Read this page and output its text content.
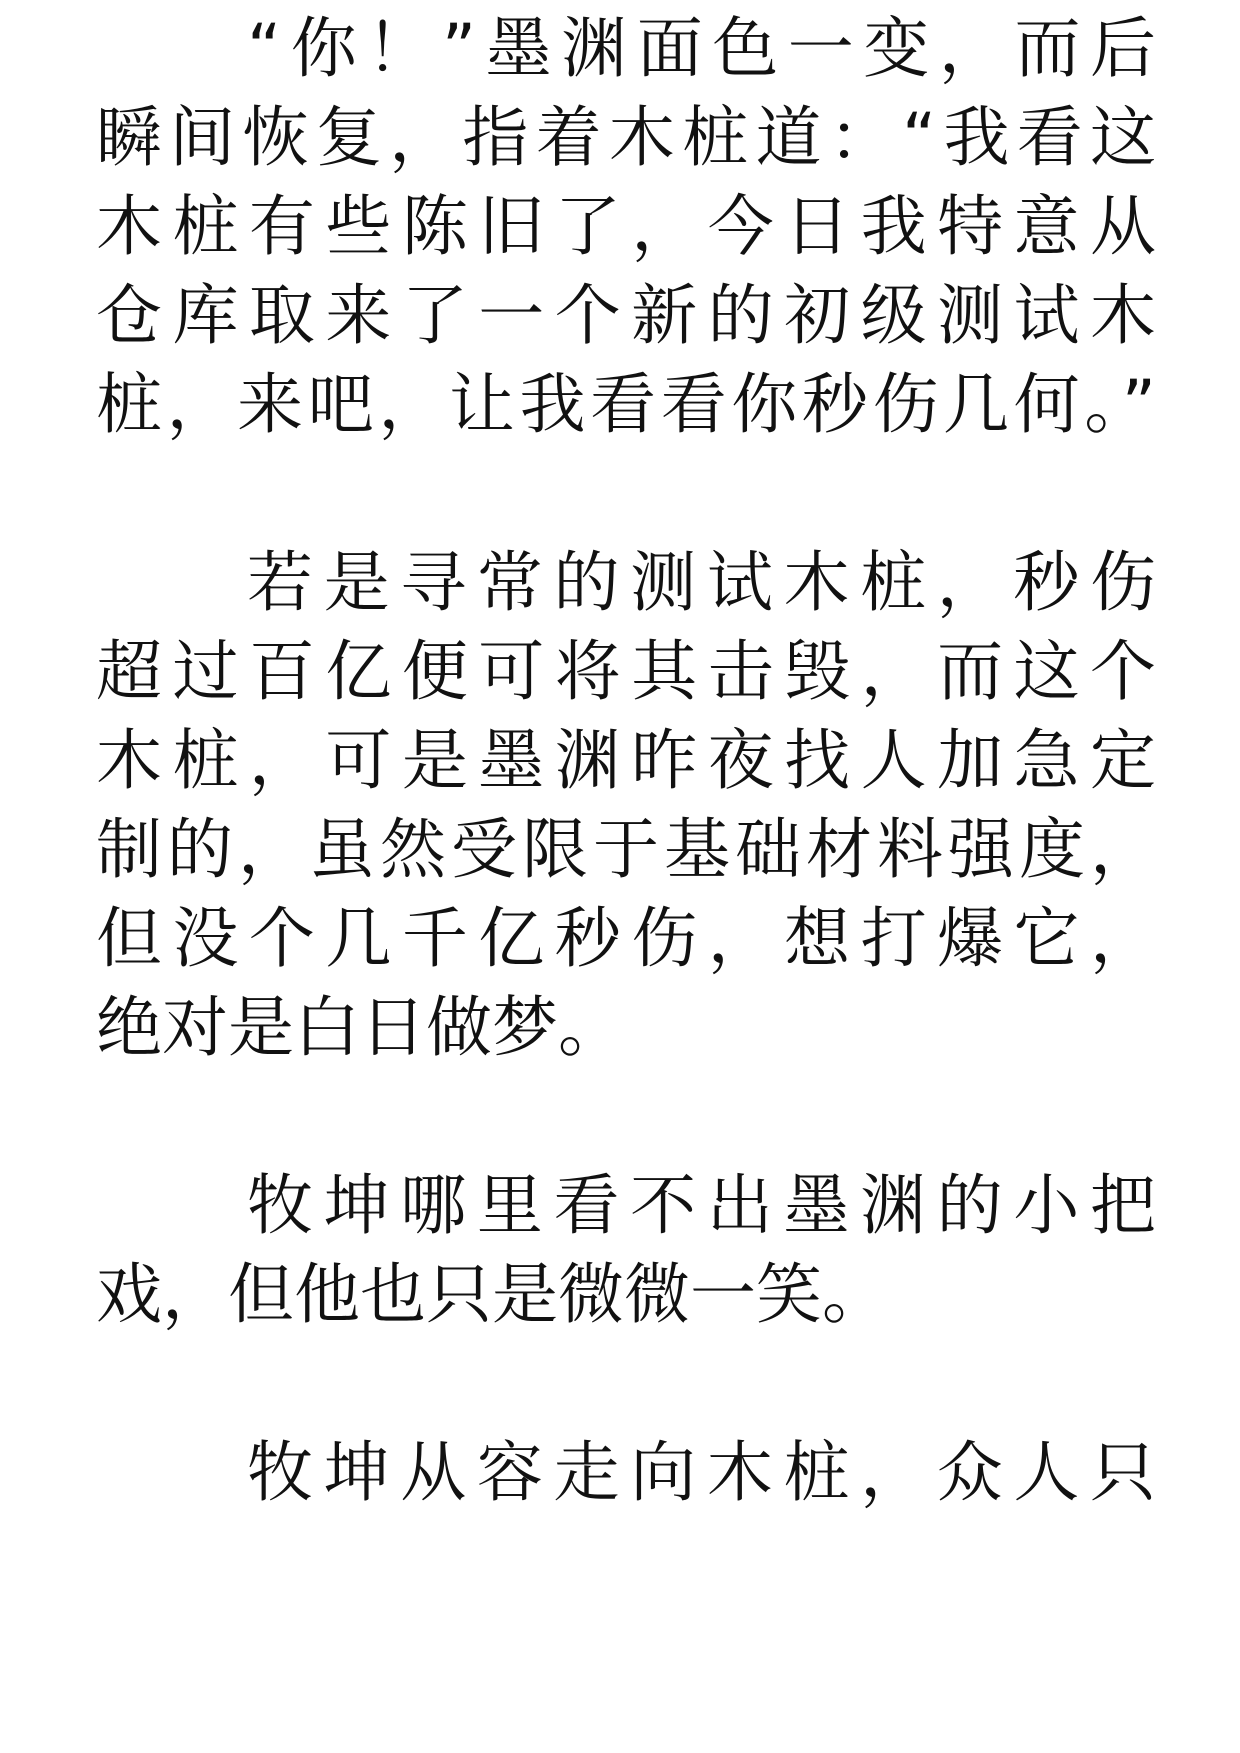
“你！”墨渊面色一变，而后
瞬间恢复，指着木桩道：“我看这
木桩有些陈旧了，今日我特意从
仓库取来了一个新的初级测试木
桩，来吧，让我看看你秒伤几何。”
若是寻常的测试木桩，秒伤
超过百亿便可将其击毁，而这个
木桩，可是墨渊昨夜找人加急定
制的，虽然受限于基础材料强度，
但没个几千亿秒伤，想打爆它，
绝对是白日做梦。
牧坤哪里看不出墨渊的小把
戏，但他也只是微微一笑。
牧坤从容走向木桩，众人只
